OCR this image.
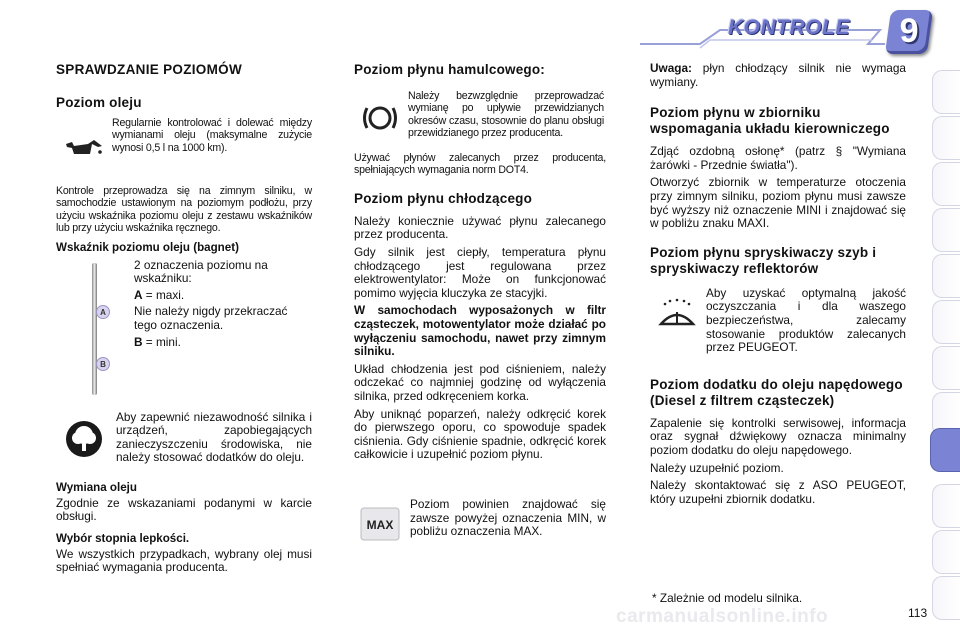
KONTROLE	9
SPRAWDZANIE POZIOMÓW
Poziom oleju

Regularnie kontrolować i dolewać między wymianami oleju (maksymalne zużycie wynosi 0,5 l na 1000 km).

Kontrole przeprowadza się na zimnym silniku, w samochodzie ustawionym na poziomym podłożu, przy użyciu wskaźnika poziomu oleju z zestawu wskaźników lub przy użyciu wskaźnika ręcznego.

Wskaźnik poziomu oleju (bagnet)
A
B

2 oznaczenia poziomu na wskaźniku:

A = maxi.

Nie należy nigdy przekraczać tego oznaczenia.

B = mini.

Aby zapewnić niezawodność silnika i urządzeń, zapobiegających zanieczyszczeniu środowiska, nie należy stosować dodatków do oleju.

Wymiana oleju

Zgodnie ze wskazaniami podanymi w karcie obsługi.

Wybór stopnia lepkości.

We wszystkich przypadkach, wybrany olej musi spełniać wymagania producenta.

Poziom płynu hamulcowego:

Należy bezwzględnie przeprowadzać wymianę po upływie przewidzianych okresów czasu, stosownie do planu obsługi przewidzianego przez producenta.

Używać płynów zalecanych przez producenta, spełniających wymagania norm DOT4.

Poziom płynu chłodzącego

Należy koniecznie używać płynu zalecanego przez producenta.

Gdy silnik jest ciepły, temperatura płynu chłodzącego jest regulowana przez elektrowentylator: Może on funkcjonować pomimo wyjęcia kluczyka ze stacyjki.

W samochodach wyposażonych w filtr cząsteczek, motowentylator może działać po wyłączeniu samochodu, nawet przy zimnym silniku.

Układ chłodzenia jest pod ciśnieniem, należy odczekać co najmniej godzinę od wyłączenia silnika, przed odkręceniem korka.

Aby uniknąć poparzeń, należy odkręcić korek do pierwszego oporu, co spowoduje spadek ciśnienia. Gdy ciśnienie spadnie, odkręcić korek całkowicie i uzupełnić poziom płynu.

MAX

Poziom powinien znajdować się zawsze powyżej oznaczenia MIN, w pobliżu oznaczenia MAX.

Uwaga: płyn chłodzący silnik nie wymaga wymiany.

Poziom płynu w zbiorniku wspomagania układu kierowniczego

Zdjąć ozdobną osłonę* (patrz § "Wymiana żarówki - Przednie światła").

Otworzyć zbiornik w temperaturze otoczenia przy zimnym silniku, poziom płynu musi zawsze być wyższy niż oznaczenie MINI i znajdować się w pobliżu znaku MAXI.

Poziom płynu spryskiwaczy szyb i spryskiwaczy reflektorów

Aby uzyskać optymalną jakość oczyszczania i dla waszego bezpieczeństwa, zalecamy stosowanie produktów zalecanych przez PEUGEOT.

Poziom dodatku do oleju napędowego (Diesel z filtrem cząsteczek)

Zapalenie się kontrolki serwisowej, informacja oraz sygnał dźwiękowy oznacza minimalny poziom dodatku do oleju napędowego.

Należy uzupełnić poziom.

Należy skontaktować się z ASO PEUGEOT, który uzupełni zbiornik dodatku.

* Zależnie od modelu silnika.
carmanualsonline.info	113
